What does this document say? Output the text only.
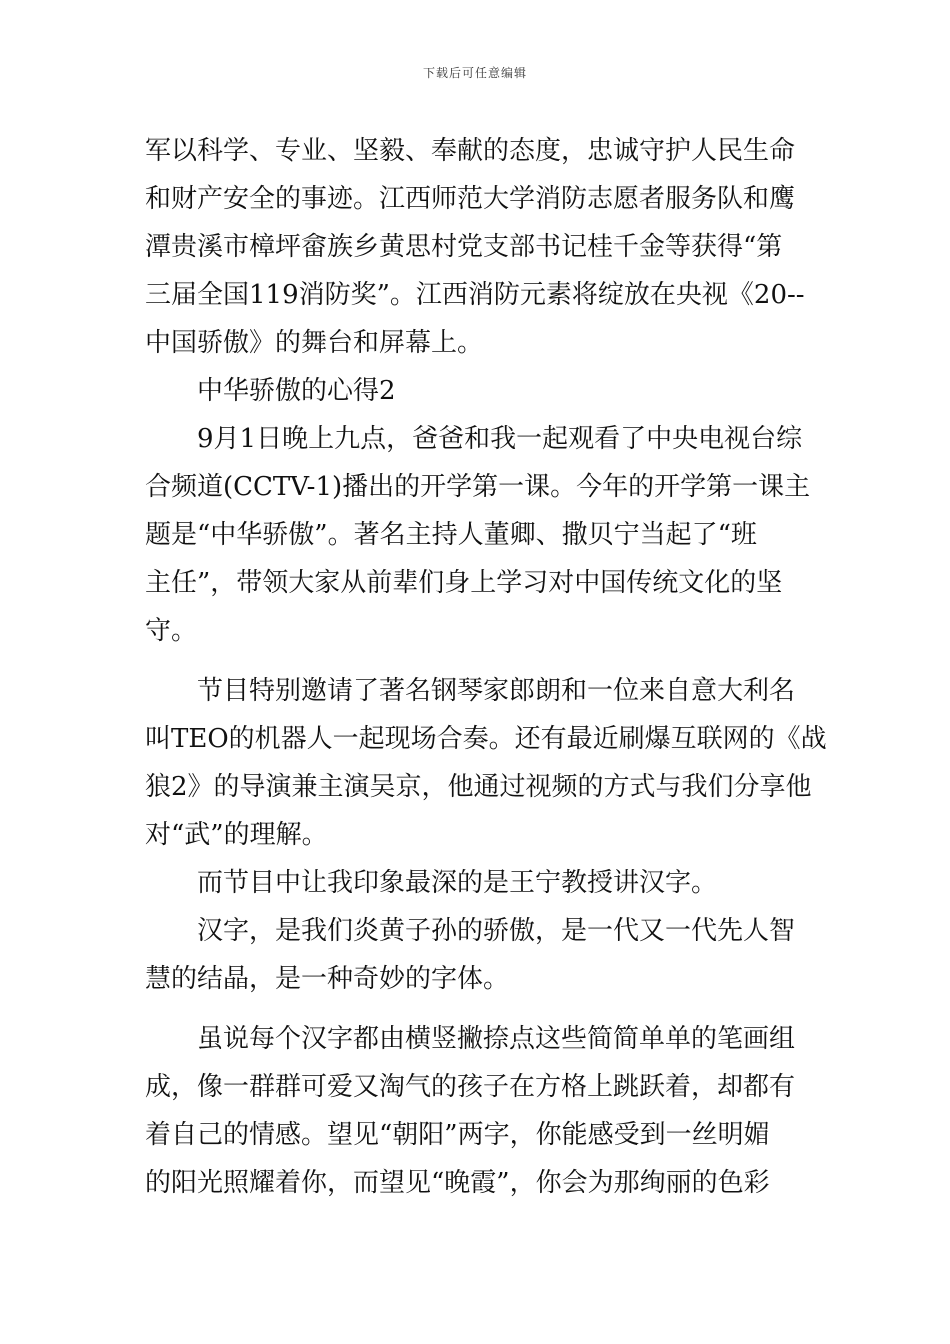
下载后可任意编辑
军以科学、专业、坚毅、奉献的态度，忠诚守护人民生命
和财产安全的事迹。江西师范大学消防志愿者服务队和鹰
潭贵溪市樟坪畲族乡黄思村党支部书记桂千金等获得“第
三届全国119消防奖”。江西消防元素将绽放在央视《20--
中国骄傲》的舞台和屏幕上。
中华骄傲的心得2
9月1日晚上九点，爸爸和我一起观看了中央电视台综
合频道(CCTV-1)播出的开学第一课。今年的开学第一课主
题是“中华骄傲”。著名主持人董卿、撒贝宁当起了“班
主任”，带领大家从前辈们身上学习对中国传统文化的坚
守。
节目特别邀请了著名钢琴家郎朗和一位来自意大利名
叫TEO的机器人一起现场合奏。还有最近刷爆互联网的《战
狼2》的导演兼主演吴京，他通过视频的方式与我们分享他
对“武”的理解。
而节目中让我印象最深的是王宁教授讲汉字。
汉字，是我们炎黄子孙的骄傲，是一代又一代先人智
慧的结晶，是一种奇妙的字体。
虽说每个汉字都由横竖撇捺点这些简简单单的笔画组
成，像一群群可爱又淘气的孩子在方格上跳跃着，却都有
着自己的情感。望见“朝阳”两字，你能感受到一丝明媚
的阳光照耀着你，而望见“晚霞”，你会为那绚丽的色彩
